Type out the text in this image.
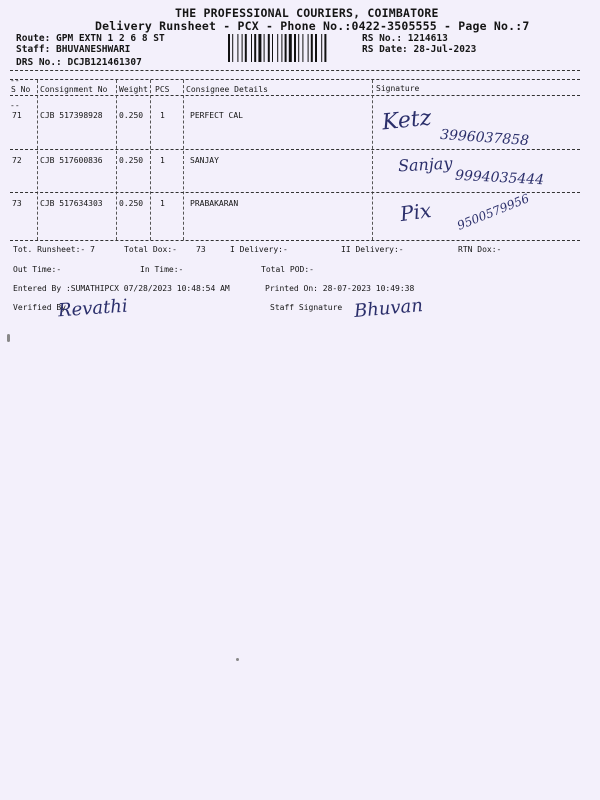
THE PROFESSIONAL COURIERS, COIMBATORE
Delivery Runsheet - PCX - Phone No.:0422-3505555 - Page No.:7
Route: GPM EXTN 1 2 6 8 ST
Staff: BHUVANESHWARI
DRS No.: DCJB121461307
RS No.: 1214613
RS Date: 28-Jul-2023
--
S No Consignment No Weight PCS Consignee Details	Signature
--
71 CJB 517398928 0.250 1	PERFECT CAL	Ketz
3996037858
72 CJB 517600836 0.250 1	SANJAY	Sanjay
9994035444
73 CJB 517634303 0.250 1	PRABAKARAN	Pix 9500579956
Tot. Runsheet:- 7	Total Dox:- 73	I Delivery:-	II Delivery:-	RTN Dox:-
Out Time:-	In Time:-	Total POD:-
Entered By :SUMATHIPCX 07/28/2023 10:48:54 AM	Printed On: 28-07-2023 10:49:38
Verified By
Revathi	Staff Signature Bhuvan
